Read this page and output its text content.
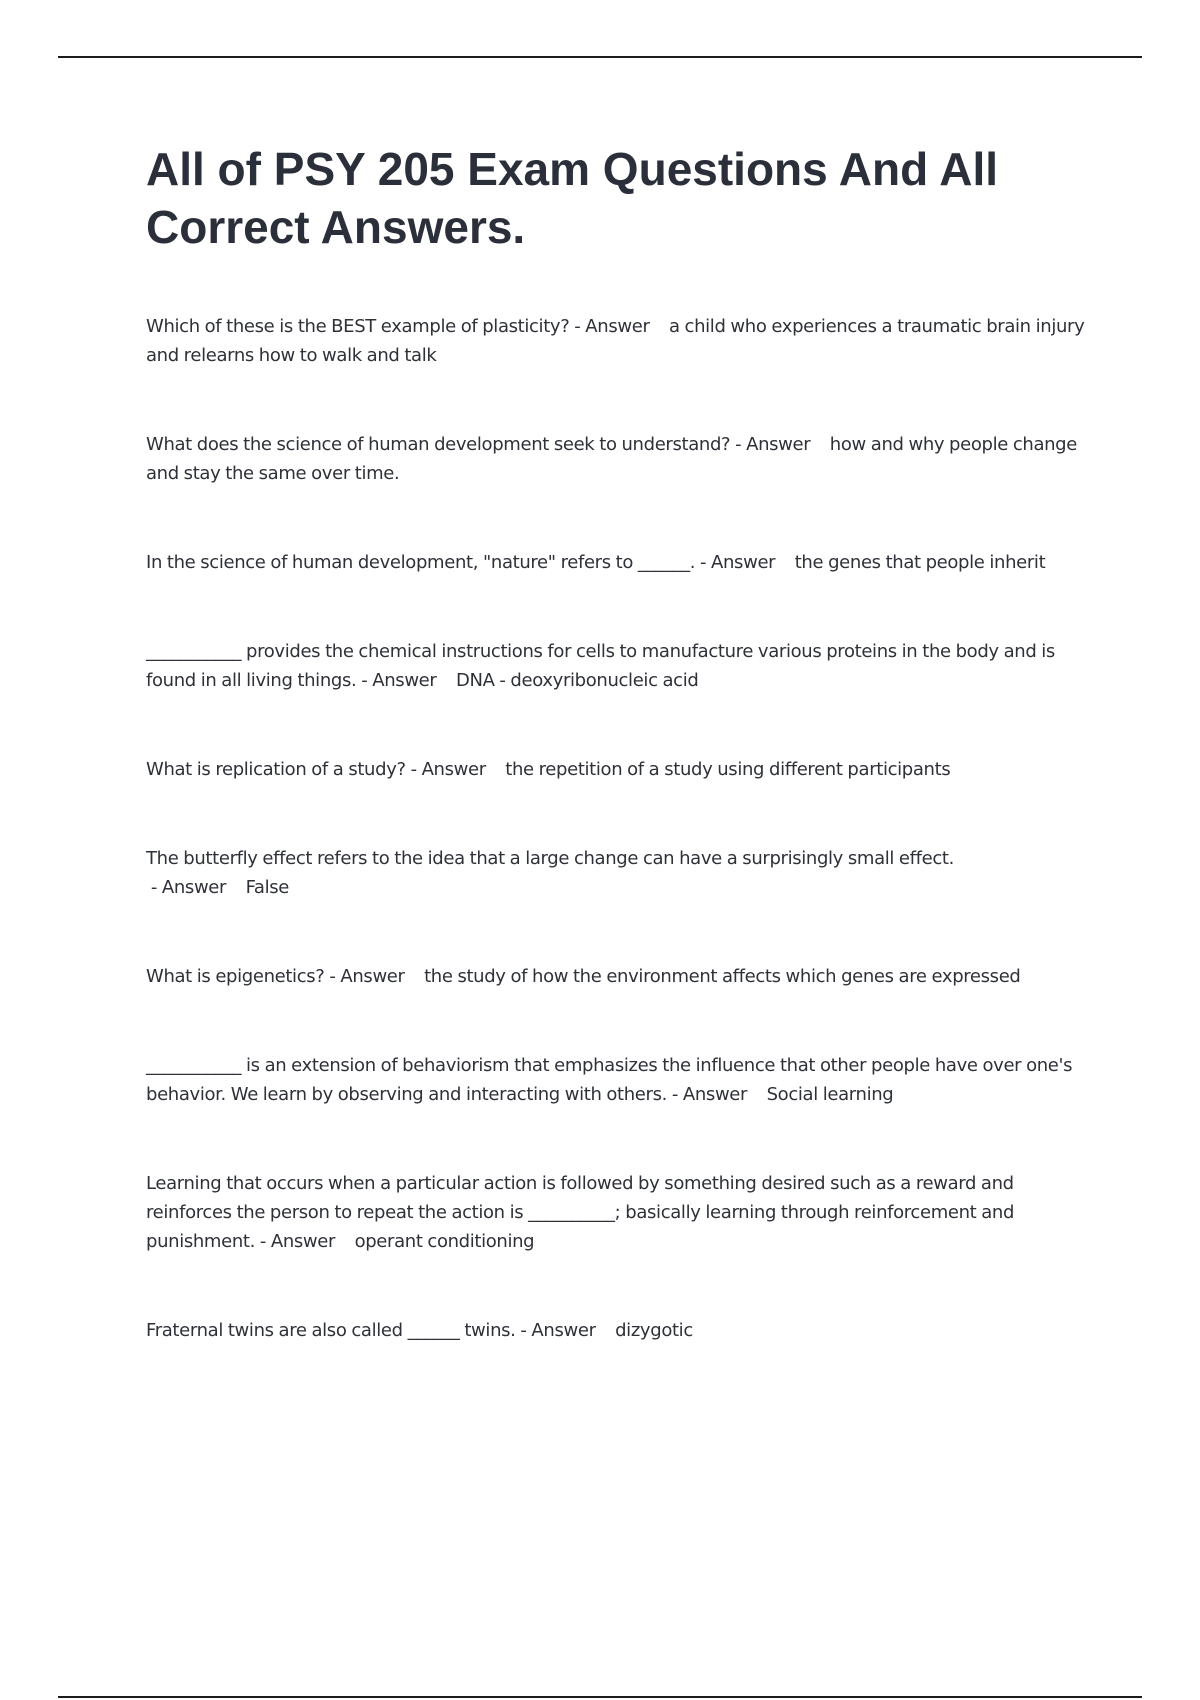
All of PSY 205 Exam Questions And All Correct Answers.

Which of these is the BEST example of plasticity? - Answer    a child who experiences a traumatic brain injury and relearns how to walk and talk

What does the science of human development seek to understand? - Answer    how and why people change and stay the same over time.

In the science of human development, "nature" refers to ______. - Answer    the genes that people inherit

___________ provides the chemical instructions for cells to manufacture various proteins in the body and is found in all living things. - Answer    DNA - deoxyribonucleic acid

What is replication of a study? - Answer    the repetition of a study using different participants

The butterfly effect refers to the idea that a large change can have a surprisingly small effect. - Answer    False

What is epigenetics? - Answer    the study of how the environment affects which genes are expressed

___________ is an extension of behaviorism that emphasizes the influence that other people have over one's behavior. We learn by observing and interacting with others. - Answer    Social learning

Learning that occurs when a particular action is followed by something desired such as a reward and reinforces the person to repeat the action is __________; basically learning through reinforcement and punishment. - Answer    operant conditioning

Fraternal twins are also called ______ twins. - Answer    dizygotic
